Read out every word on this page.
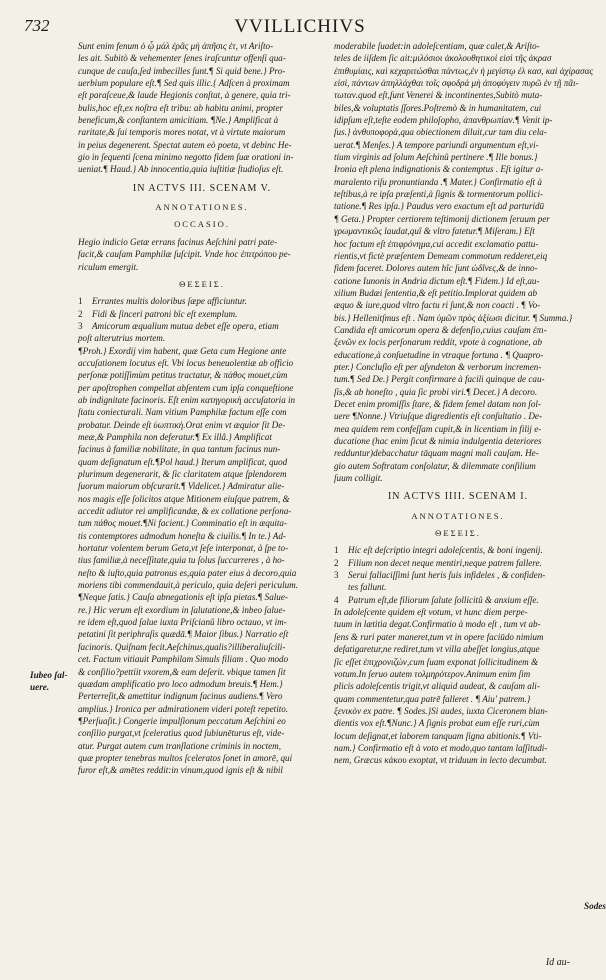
732	VVILLICHIVS
Sunt enim fenum ὁ ᾧ μάλ ἐρᾶς μὴ ἀπῆσις ἐτ, vt Ariſto-
les ait. Subitò & vehementer ſenes iraſcuntur offenſi qua-
cunque de cauſa,ſed imbecilles ſunt.¶ Si quid bene.} Pro-
uerbium populare eſt.¶ Sed quis illic.{ Adſcen à proximam
eſt paraſceue,& laude Hegionis conſtat, à genere, quia tri-
bulis,hoc eſt,ex noſtra eſt tribu: ab habitu animi, propter
beneficum,& conſtantem amicitiam. ¶Ne.} Amplificat à
raritate,& ſui temporis mores notat, vt à virtute maiorum
in peius degenerent. Spectat autem eò poeta, vt debinc He-
gio in ſequenti ſcena minimo negotto fidem ſuæ orationi in-
ueniat.¶ Haud.} Ab innocentia,quia iuſtitiæ ſtudioſus eſt.
IN ACTVS III. SCENAM V.
ANNOTATIONES.
OCCASIO.
Hegio indicio Getæ errans facinus Aeſchini patri pate-
facit,& cauſam Pamphilæ ſuſcipit. Vnde hoc ἐπιτρόπου pe-
riculum emergit.
ΘΕΣΕΙΣ.
1 Errantes multis doloribus ſæpe afficiuntur.
2 Fidi & ſinceri patroni bîc eſt exemplum.
3 Amicorum æqualium mutua debet eſſe opera, etiam
poſt alterutrius mortem.
¶Proh.} Exordij vim habent, quæ Geta cum Hegione ante
accuſationem locutus eſt. Vbi locus beneuolentiæ ab officio
perſonæ potiſſimùm petitus tractatur, & πάθος mouet,cùm
per apoſtrophen compellat abſentem cum ipſa conqueſtione
ab indignitate facinoris. Eſt enim κατηγορικὴ accuſatoria in
ſtatu coniecturali. Nam vitium Pamphilæ factum eſſe com
probatur. Deinde eſt ὑωπτικὴ.Orat enim vt æquior ſit De-
meæ,& Pamphila non deferatur.¶ Ex illâ.} Amplificat
facinus à familiæ nobilitate, in qua tantum facinus nun-
quam deſignatum eſt.¶Pol haud.} Iterum amplificat, quod
plurimum degenerarit, & ſic claritatem atque ſplendorem
ſuorum maiorum obſcurarit.¶ Videlicet.} Admiratur alie-
nos magis eſſe ſolicitos atque Mitionem eiuſque patrem, &
accedit adiutor rei amplificandæ, & ex collatione perſona-
tum πάθος mouet.¶Ni facient.} Comminatio eſt in æquita-
tis contemptores admodum honeſta & ciuilis.¶ In te.} Ad-
hortatur volentem berum Geta,vt ſeſe interponat, à ſpe to-
tius familiæ,à neceſſitate,quia tu ſolus ſuccurreres , à ho-
neſto & iuſto,quia patronus es,quia pater eius à decoro,quia
moriens tibi commendauit,à periculo, quia deſeri periculum.
¶Neque ſatis.} Cauſa abnegationis eſt ipſa pietas.¶ Salue-
re.} Hic verum eſt exordium in ſalutatione,& inbeo ſalue-
re idem eſt,quod ſalue iuxta Priſcianû libro octauo, vt im-
petatini ſit periphraſis quædā.¶ Maior ſibus.} Narratio eſt
facinoris. Quiſnam fecit.Aeſchinus,qualis?illiberaliuſcili-
cet. Factum vitiauit Pamphilam Simuls filiam . Quo modo
& conſilio?pettiit vxorem,& eam deſerit. vbique tamen ſit
quædam amplificatio pro loco admodum breuis.¶ Hem.}
Perterreſit,& amettitur indignum facinus audiens.¶ Vero
amplius.} Ironica per admirationem videri poteſt repetito.
¶Perſuaſit.} Congerie impulſionum peccatum Aeſchini eo
conſilio purgat,vt ſceleratius quod ſubiunēturus eſt, vide-
atur. Purgat autem cum tranſlatione criminis in noctem,
quæ propter tenebras multos ſceleratos ſonet in amorē, qui
furor eſt,& amētes reddit:in vinum,quod ignis eſt & nibil
moderabile ſuadet:in adoleſcentiam, quæ calet,& Ariſto-
teles de iiſdem ſic ait:μιλόσιοι ἀκολουθητικοὶ εἰσὶ τῆς ἀκρασ
ἐπιθυμίαις, καὶ κεχαριτώσθαι πάντως,ἐν ἡ μεγίστῳ ἐλ κασ, καὶ ἀχίρασας
εἰσὶ, πάντων ἀπηλλάχθαι τοῖς σφοδρά μὴ ἀποφύγειν πυρῶ ἐν τῇ πᾶι-
τωταν.quod eſt,ſunt Venerei & incontinentes,Subitò muta-
biles,& voluptatis ſſores.Poſtremò & in humanitatem, cui
idipſum eſt,teſte eodem philoſopho, ἀπανθρωπίαν.¶ Venit ip-
ſus.} ἀνθυποφορὰ,qua obiectionem diluit,cur tam diu cela-
uerat.¶ Menſes.} A tempore pariundi argumentum eſt,vi-
tium virginis ad ſolum Aeſchinû pertinere .¶ Ille bonus.}
Ironia eſt plena indignationis & contemptus . Eſt igitur a-
maralento riſu pronuntianda .¶ Mater.} Confirmatio eſt à
teſtibus,à re ipſa præſenti,à ſignis & tormentorum pollici-
tatione.¶ Res ipſa.} Paudus vero exactum eſt ad parturidū
¶ Geta.} Propter certiorem teſtimonij dictionem ſeruum per
γρωμαντικῶς laudat,quî & vltro fatetur.¶ Miſeram.} Eſt
hoc factum eſt ἐπιφρόνημα,cui accedit exclamatio pattu-
rientis,vt fictè præſentem Demeam commotum redderet,eiq
fidem faceret. Dolores autem hîc ſunt ὠδῖνες,& de inno-
catione Iunonis in Andria dictum eſt.¶ Fidem.} Id eſt,au-
xilium Budæi ſententia,& eſt petitio.Implorat quidem ab
æquo & iure,quod vltro factu ri ſunt,& non coacti . ¶ Vo-
bis.} Hellenitſmus eſt . Nam ὑμῶν πρὸς ἀξίωσι dicitur. ¶ Summa.}
Candida eſt amicorum opera & defenſio,cuius cauſam ἐπι-
ξενῶν ex locis perſonarum reddit, vpote à cognatione, ab
educatione,à conſuetudine in vtraque fortuna . ¶ Quapro-
pter.} Concluſio eſt per aſyndeton & verborum incremen-
tum.¶ Sed De.} Pergit confirmare à facili quinque de cau-
ſis,& ab honeſto , quia ſic probi viri.¶ Decet.} A decoro.
Decet enim promiſſis ſtare, & fidem ſemel datam non ſol-
uere ¶Nonne.} Vtriuſque digredientis eſt conſultatio . De-
mea quidem rem confeſſam cupit,& in licentiam in filij e-
ducatione (hac enim ſicut & nimia indulgentia deteriores
redduntur)debacchatur tāquam magni mali cauſam. He-
gio autem Softratam conſolatur, & dilemmate conſilium
ſuum colligit.
IN ACTVS IIII. SCENAM I.
ANNOTATIONES.
ΘΕΣΕΙΣ.
1 Hic eſt deſcriptio integri adoleſcentis, & boni ingenij.
2 Filium non decet neque mentiri,neque patrem fallere.
3 Serui fallaciſſimi ſunt heris ſuis infideles , & confiden-
tes fallunt.
4 Patrum eſt,de filiorum ſalute ſollicitû & anxium eſſe.
In adoleſcente quidem eſt votum, vt hunc diem perpe-
tuum in lætitia degat.Confirmatio à modo eſt , tum vt ab-
ſens & ruri pater maneret,tum vt in opere faciūdo nimium
defatigaretur,ne rediret,tum vt villa abeſſet longius,atque
ſic eſſet ἐπιχρονιζών,cum ſuam exponat ſollicitudinem &
votum.In ſeruo autem τολμηρότερον.Animum enim ſim
plicis adoleſcentis trigit,vt aliquid audeat, & cauſam ali-
quam commentetur,qua patrē falleret . ¶ Aiu' patrem.}
ξενικὸν ex patre. ¶ Sodes.}Si audes, iuxta Ciceronem blan-
dientis vox eſt.¶Nunc.} A ſignis probat eum eſſe ruri,cùm
locum deſignat,et laborem tanquam ſigna abitionis.¶ Vti-
nam.} Confirmatio eſt à voto et modo,quo tantam laſſitudi-
nem, Græcus κάκου exoptat, vt triduum in lecto decumbat.
Iubeo ſal-
uere.
Sodes
Id au-
